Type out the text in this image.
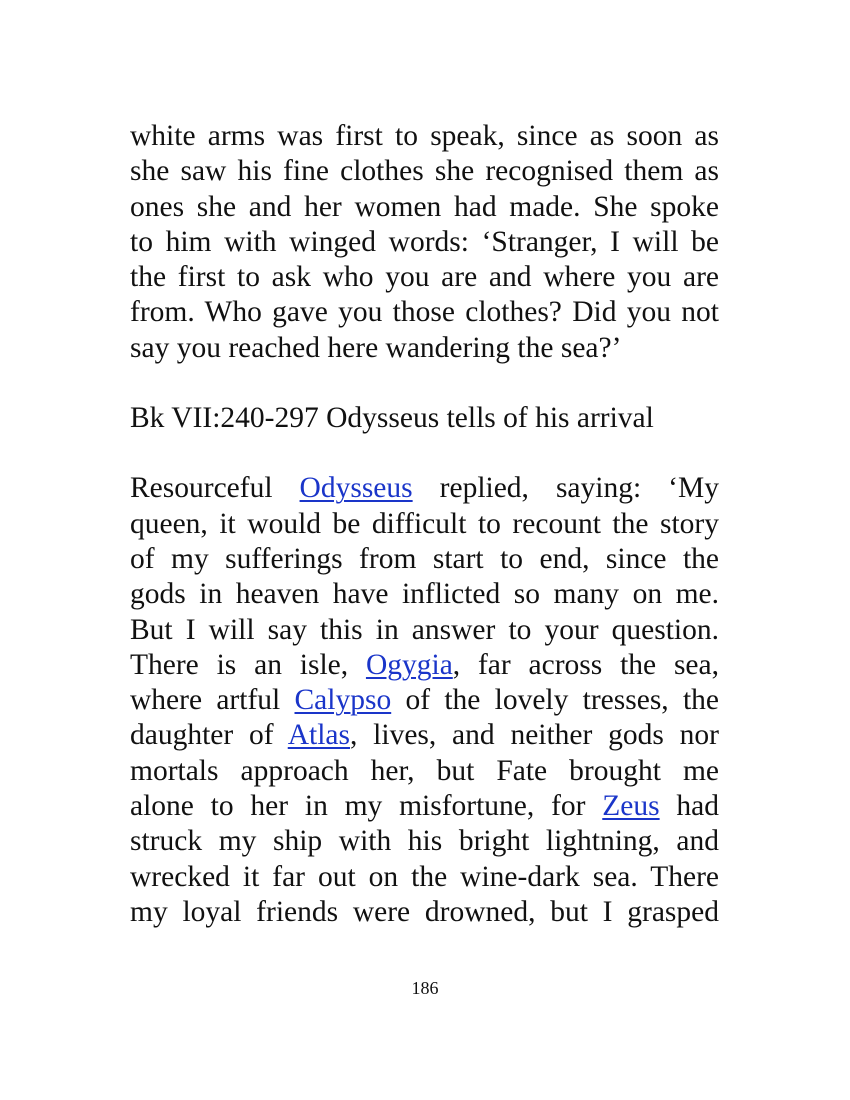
white arms was first to speak, since as soon as
she saw his fine clothes she recognised them as
ones she and her women had made. She spoke
to him with winged words: ‘Stranger, I will be
the first to ask who you are and where you are
from. Who gave you those clothes? Did you not
say you reached here wandering the sea?’

Bk VII:240-297 Odysseus tells of his arrival

Resourceful Odysseus replied, saying: ‘My
queen, it would be difficult to recount the story
of my sufferings from start to end, since the
gods in heaven have inflicted so many on me.
But I will say this in answer to your question.
There is an isle, Ogygia, far across the sea,
where artful Calypso of the lovely tresses, the
daughter of Atlas, lives, and neither gods nor
mortals approach her, but Fate brought me
alone to her in my misfortune, for Zeus had
struck my ship with his bright lightning, and
wrecked it far out on the wine-dark sea. There
my loyal friends were drowned, but I grasped

186
